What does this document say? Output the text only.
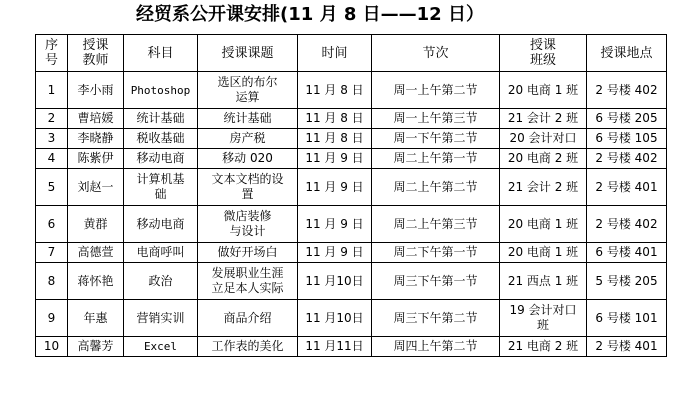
经贸系公开课安排(11 月 8 日——12 日）
序
号	授课
教师	科目	授课课题	时间	节次	授课
班级	授课地点
1	李小雨	Photoshop	选区的布尔
运算	11 月 8 日	周一上午第二节	20 电商 1 班	2 号楼 402
2	曹培媛	统计基础	统计基础	11 月 8 日	周一上午第三节	21 会计 2 班	6 号楼 205
3	李晓静	税收基础	房产税	11 月 8 日	周一下午第二节	20 会计对口	6 号楼 105
4	陈紫伊	移动电商	移动 020	11 月 9 日	周二上午第一节	20 电商 2 班	2 号楼 402
5	刘赵一	计算机基
础	文本文档的设
置	11 月 9 日	周二上午第二节	21 会计 2 班	2 号楼 401
6	黄群	移动电商	微店装修
与设计	11 月 9 日	周二上午第三节	20 电商 1 班	2 号楼 402
7	高德萱	电商呼叫	做好开场白	11 月 9 日	周二下午第一节	20 电商 1 班	6 号楼 401
8	蒋怀艳	政治	发展职业生涯
立足本人实际	11 月10日	周三下午第一节	21 西点 1 班	5 号楼 205
9	年惠	营销实训	商品介绍	11 月10日	周三下午第二节	19 会计对口
班	6 号楼 101
10	高馨芳	Excel	工作表的美化	11 月11日	周四上午第二节	21 电商 2 班	2 号楼 401
